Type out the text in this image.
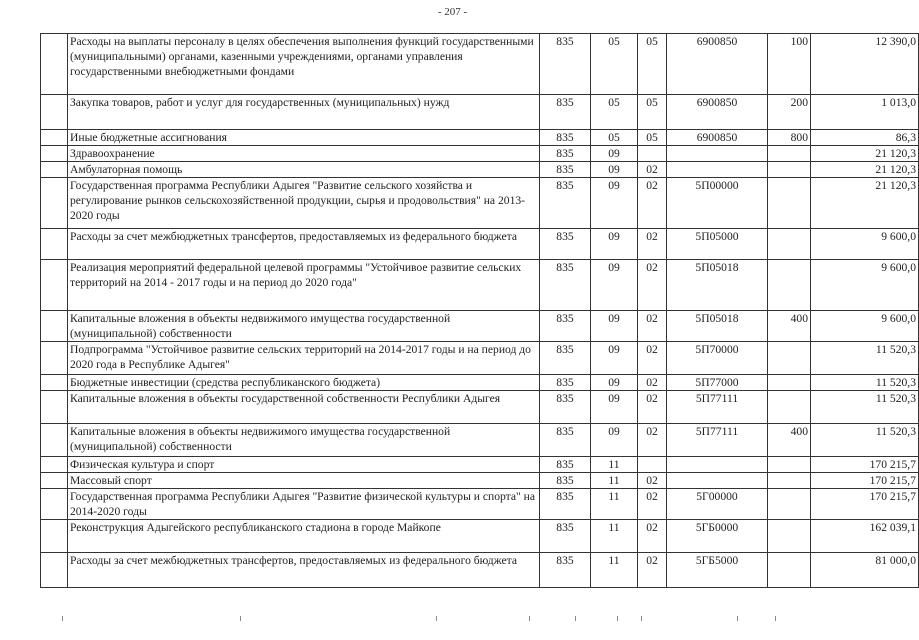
- 207 -
	Расходы на выплаты персоналу в целях обеспечения выполнения функций государственными (муниципальными) органами, казенными учреждениями, органами управления государственными внебюджетными фондами	835	05	05	6900850	100	12 390,0
	Закупка товаров, работ и услуг для государственных (муниципальных) нужд	835	05	05	6900850	200	1 013,0
	Иные бюджетные ассигнования	835	05	05	6900850	800	86,3
	Здравоохранение	835	09				21 120,3
	Амбулаторная помощь	835	09	02			21 120,3
	Государственная программа Республики Адыгея "Развитие сельского хозяйства и регулирование рынков сельскохозяйственной продукции, сырья и продовольствия" на 2013-2020 годы	835	09	02	5П00000		21 120,3
	Расходы за счет межбюджетных трансфертов, предоставляемых из федерального бюджета	835	09	02	5П05000		9 600,0
	Реализация мероприятий федеральной целевой программы "Устойчивое развитие сельских территорий на 2014 - 2017 годы и на период до 2020 года"	835	09	02	5П05018		9 600,0
	Капитальные вложения в объекты недвижимого имущества государственной (муниципальной) собственности	835	09	02	5П05018	400	9 600,0
	Подпрограмма "Устойчивое развитие сельских территорий на 2014-2017 годы и на период до 2020 года в Республике Адыгея"	835	09	02	5П70000		11 520,3
	Бюджетные инвестиции (средства республиканского бюджета)	835	09	02	5П77000		11 520,3
	Капитальные вложения в объекты государственной собственности Республики Адыгея	835	09	02	5П77111		11 520,3
	Капитальные вложения в объекты недвижимого имущества государственной (муниципальной) собственности	835	09	02	5П77111	400	11 520,3
	Физическая культура и спорт	835	11				170 215,7
	Массовый спорт	835	11	02			170 215,7
	Государственная программа Республики Адыгея "Развитие физической культуры и спорта" на 2014-2020 годы	835	11	02	5Г00000		170 215,7
	Реконструкция Адыгейского республиканского стадиона в городе Майкопе	835	11	02	5ГБ0000		162 039,1
	Расходы за счет межбюджетных трансфертов, предоставляемых из федерального бюджета	835	11	02	5ГБ5000		81 000,0
